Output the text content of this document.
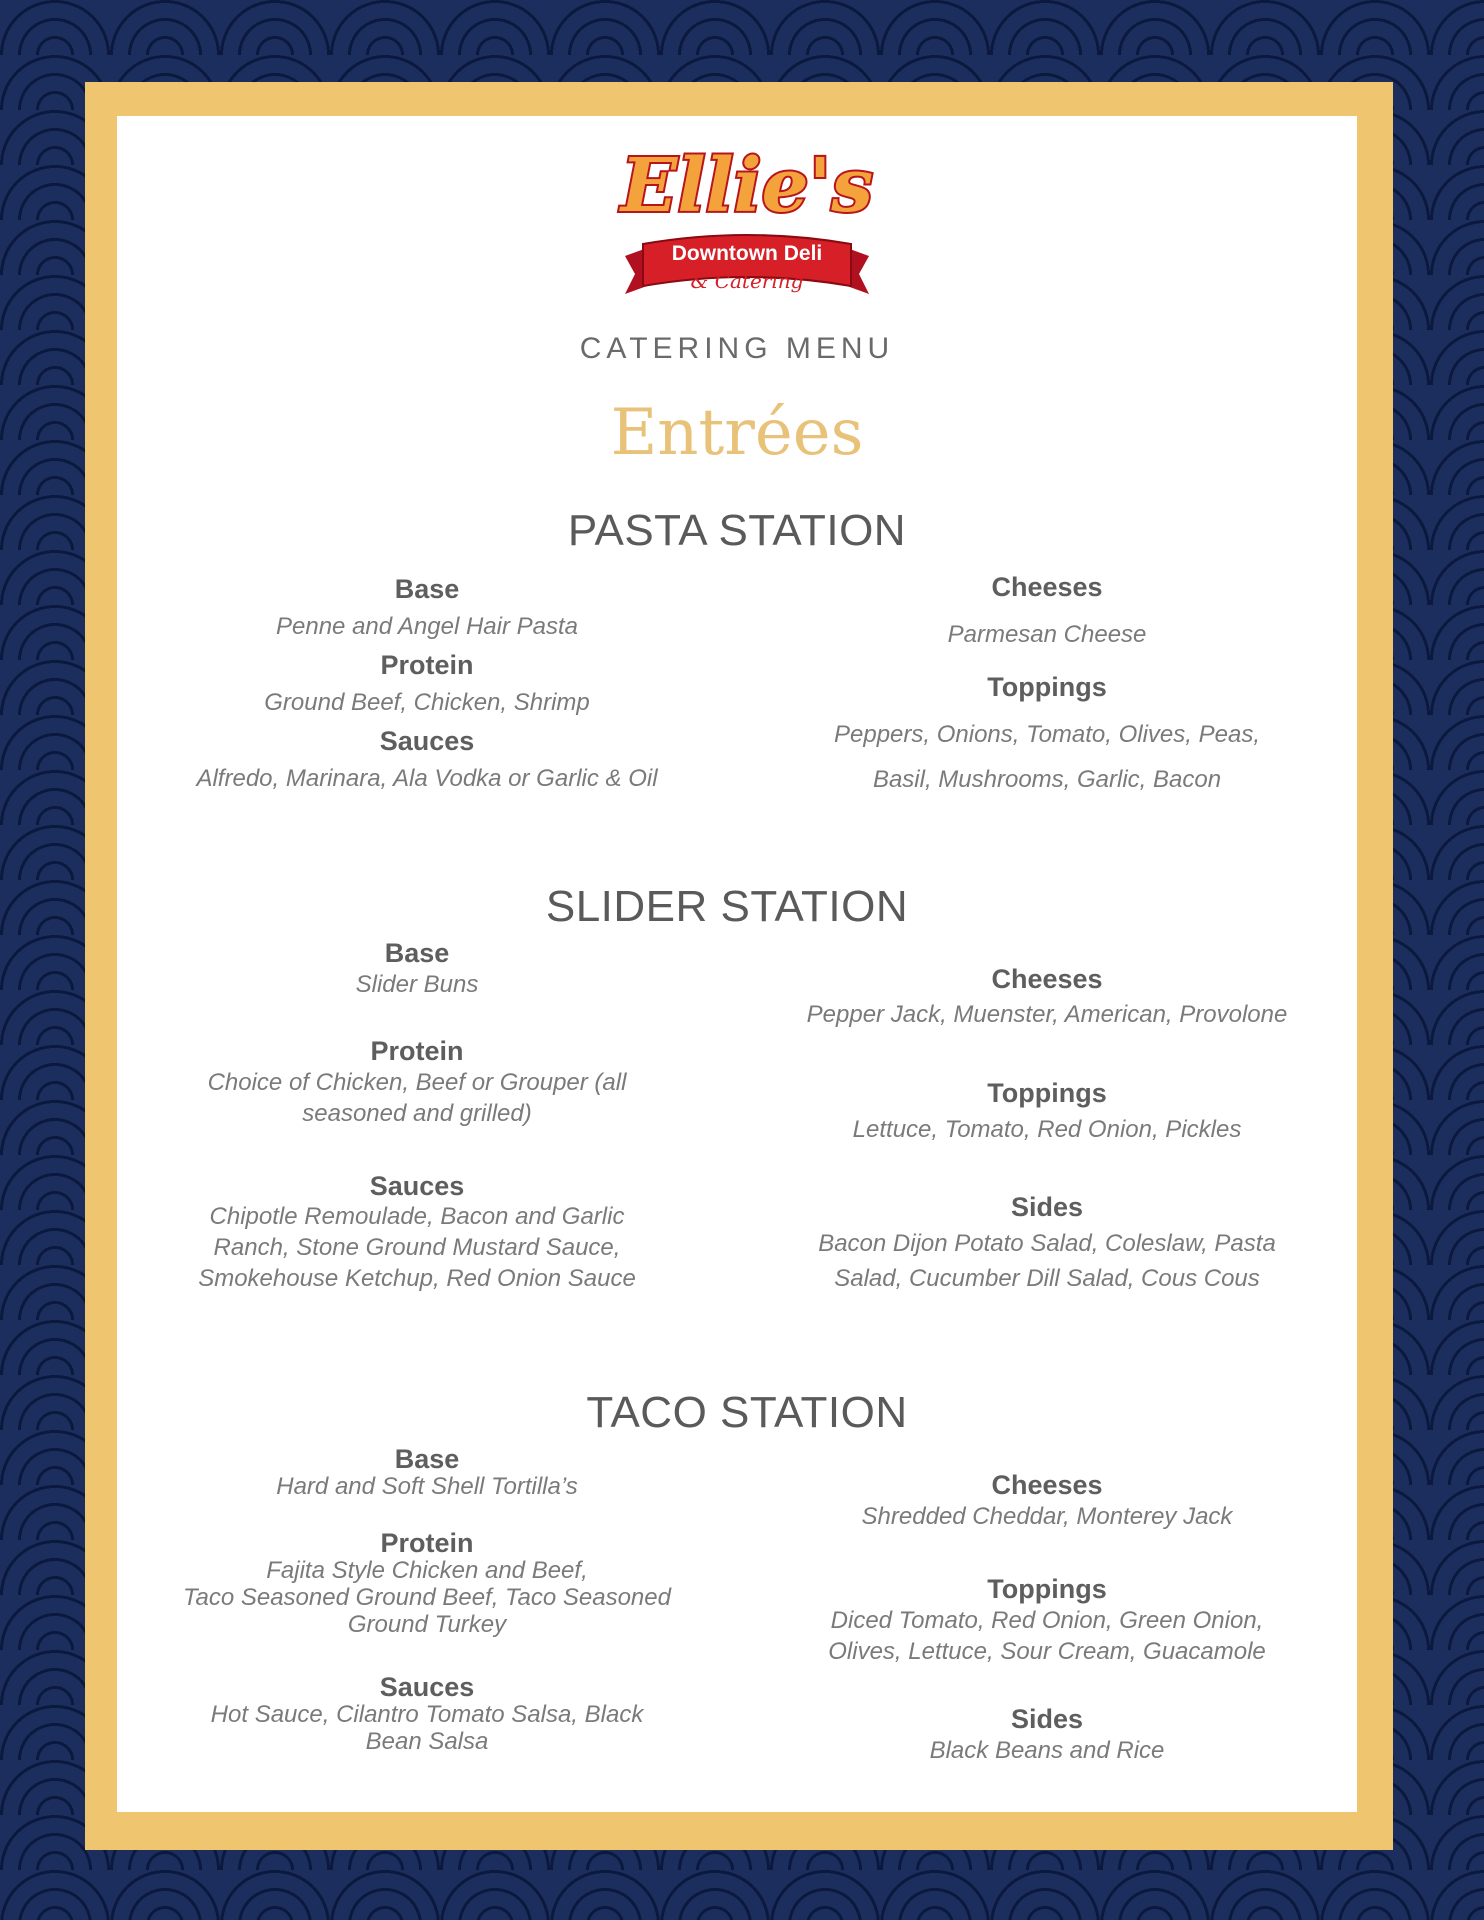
Ellie's
Downtown Deli
& Catering
CATERING MENU
Entrées
PASTA STATION
Base
Penne and Angel Hair Pasta
Protein
Ground Beef, Chicken, Shrimp
Sauces
Alfredo, Marinara, Ala Vodka or Garlic & Oil
Cheeses
Parmesan Cheese
Toppings
Peppers, Onions, Tomato, Olives, Peas,
Basil, Mushrooms, Garlic, Bacon
SLIDER STATION
Base
Slider Buns
Protein
Choice of Chicken, Beef or Grouper (all
seasoned and grilled)
Sauces
Chipotle Remoulade, Bacon and Garlic
Ranch, Stone Ground Mustard Sauce,
Smokehouse Ketchup, Red Onion Sauce
Cheeses
Pepper Jack, Muenster, American, Provolone
Toppings
Lettuce, Tomato, Red Onion, Pickles
Sides
Bacon Dijon Potato Salad, Coleslaw, Pasta
Salad, Cucumber Dill Salad, Cous Cous
TACO STATION
Base
Hard and Soft Shell Tortilla’s
Protein
Fajita Style Chicken and Beef,
Taco Seasoned Ground Beef, Taco Seasoned
Ground Turkey
Sauces
Hot Sauce, Cilantro Tomato Salsa, Black
Bean Salsa
Cheeses
Shredded Cheddar, Monterey Jack
Toppings
Diced Tomato, Red Onion, Green Onion,
Olives, Lettuce, Sour Cream, Guacamole
Sides
Black Beans and Rice
